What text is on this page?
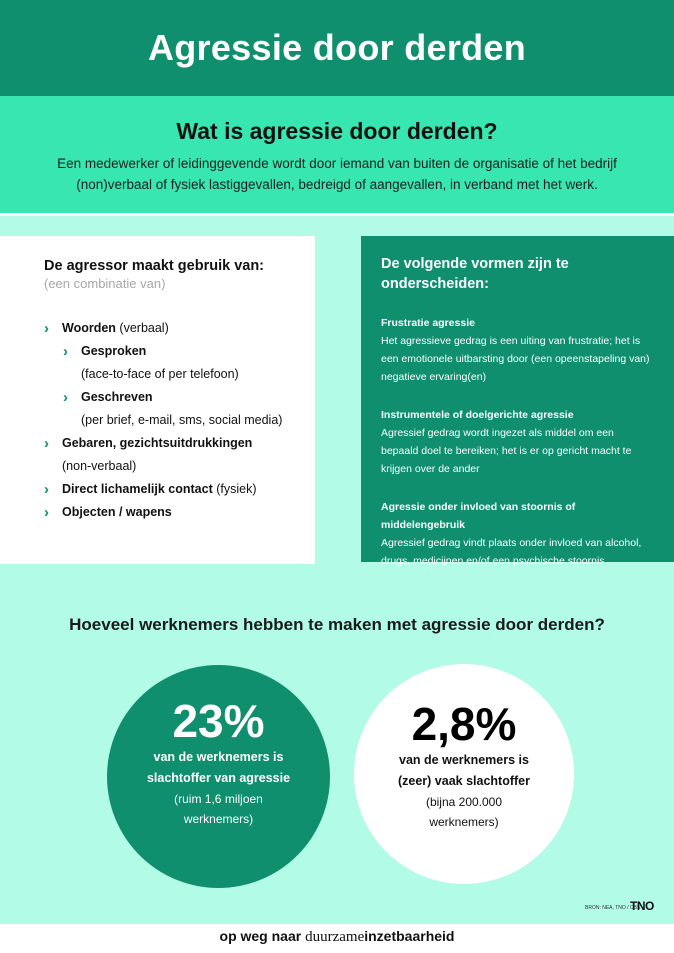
Agressie door derden
Wat is agressie door derden?

Een medewerker of leidinggevende wordt door iemand van buiten de organisatie of het bedrijf (non)verbaal of fysiek lastiggevallen, bedreigd of aangevallen, in verband met het werk.

De agressor maakt gebruik van:
(een combinatie van)
› Woorden (verbaal)
› Gesproken
(face-to-face of per telefoon)
› Geschreven
(per brief, e-mail, sms, social media)
› Gebaren, gezichtsuitdrukkingen
(non-verbaal)
› Direct lichamelijk contact (fysiek)
› Objecten / wapens
De volgende vormen zijn te onderscheiden:
Frustratie agressie
Het agressieve gedrag is een uiting van frustratie; het is een emotionele uitbarsting door (een opeenstapeling van) negatieve ervaring(en)
Instrumentele of doelgerichte agressie
Agressief gedrag wordt ingezet als middel om een bepaald doel te bereiken; het is er op gericht macht te krijgen over de ander
Agressie onder invloed van stoornis of middelengebruik
Agressief gedrag vindt plaats onder invloed van alcohol, drugs, medicijnen en/of een psychische stoornis
Hoeveel werknemers hebben te maken met agressie door derden?
23%
van de werknemers is
slachtoffer van agressie
(ruim 1,6 miljoen
werknemers)
2,8%
van de werknemers is
(zeer) vaak slachtoffer
(bijna 200.000
werknemers)
BRON: NEA, TNO / CBS
TNO
op weg naar duurzameinzetbaarheid
